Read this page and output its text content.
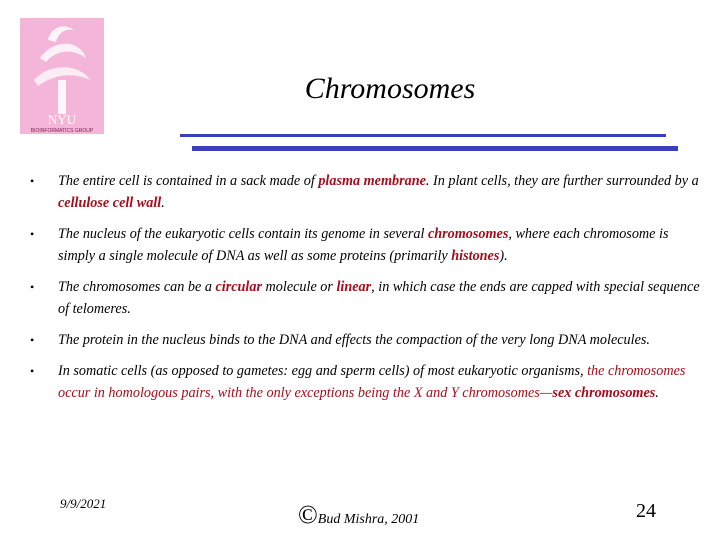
NYU
BIOINFORMATICS GROUP
Chromosomes
• The entire cell is contained in a sack made of plasma membrane. In plant cells, they are further surrounded by a cellulose cell wall.
• The nucleus of the eukaryotic cells contain its genome in several chromosomes, where each chromosome is simply a single molecule of DNA as well as some proteins (primarily histones).
• The chromosomes can be a circular molecule or linear, in which case the ends are capped with special sequence of telomeres.
• The protein in the nucleus binds to the DNA and effects the compaction of the very long DNA molecules.
• In somatic cells (as opposed to gametes: egg and sperm cells) of most eukaryotic organisms, the chromosomes occur in homologous pairs, with the only exceptions being the X and Y chromosomes—sex chromosomes.
9/9/2021	©Bud Mishra, 2001	24
